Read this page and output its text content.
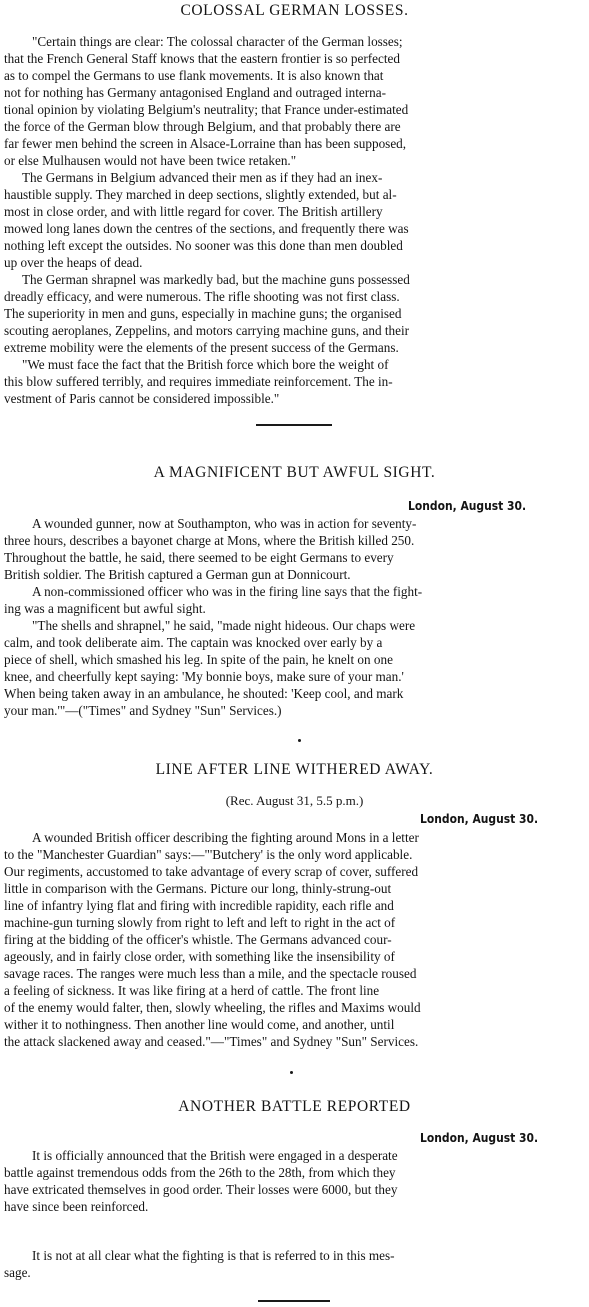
COLOSSAL GERMAN LOSSES.
"Certain things are clear: The colossal character of the German losses;
that the French General Staff knows that the eastern frontier is so perfected
as to compel the Germans to use flank movements. It is also known that
not for nothing has Germany antagonised England and outraged interna-
tional opinion by violating Belgium's neutrality; that France under-estimated
the force of the German blow through Belgium, and that probably there are
far fewer men behind the screen in Alsace-Lorraine than has been supposed,
or else Mulhausen would not have been twice retaken."
The Germans in Belgium advanced their men as if they had an inex-
haustible supply. They marched in deep sections, slightly extended, but al-
most in close order, and with little regard for cover. The British artillery
mowed long lanes down the centres of the sections, and frequently there was
nothing left except the outsides. No sooner was this done than men doubled
up over the heaps of dead.
The German shrapnel was markedly bad, but the machine guns possessed
dreadly efficacy, and were numerous. The rifle shooting was not first class.
The superiority in men and guns, especially in machine guns; the organised
scouting aeroplanes, Zeppelins, and motors carrying machine guns, and their
extreme mobility were the elements of the present success of the Germans.
"We must face the fact that the British force which bore the weight of
this blow suffered terribly, and requires immediate reinforcement. The in-
vestment of Paris cannot be considered impossible."
A MAGNIFICENT BUT AWFUL SIGHT.
London, August 30.
A wounded gunner, now at Southampton, who was in action for seventy-
three hours, describes a bayonet charge at Mons, where the British killed 250.
Throughout the battle, he said, there seemed to be eight Germans to every
British soldier. The British captured a German gun at Donnicourt.
A non-commissioned officer who was in the firing line says that the fight-
ing was a magnificent but awful sight.
"The shells and shrapnel," he said, "made night hideous. Our chaps were
calm, and took deliberate aim. The captain was knocked over early by a
piece of shell, which smashed his leg. In spite of the pain, he knelt on one
knee, and cheerfully kept saying: 'My bonnie boys, make sure of your man.'
When being taken away in an ambulance, he shouted: 'Keep cool, and mark
your man.'"—("Times" and Sydney "Sun" Services.)
LINE AFTER LINE WITHERED AWAY.
(Rec. August 31, 5.5 p.m.)
London, August 30.
A wounded British officer describing the fighting around Mons in a letter
to the "Manchester Guardian" says:—"'Butchery' is the only word applicable.
Our regiments, accustomed to take advantage of every scrap of cover, suffered
little in comparison with the Germans. Picture our long, thinly-strung-out
line of infantry lying flat and firing with incredible rapidity, each rifle and
machine-gun turning slowly from right to left and left to right in the act of
firing at the bidding of the officer's whistle. The Germans advanced cour-
ageously, and in fairly close order, with something like the insensibility of
savage races. The ranges were much less than a mile, and the spectacle roused
a feeling of sickness. It was like firing at a herd of cattle. The front line
of the enemy would falter, then, slowly wheeling, the rifles and Maxims would
wither it to nothingness. Then another line would come, and another, until
the attack slackened away and ceased."—"Times" and Sydney "Sun" Services.
ANOTHER BATTLE REPORTED
London, August 30.
It is officially announced that the British were engaged in a desperate
battle against tremendous odds from the 26th to the 28th, from which they
have extricated themselves in good order. Their losses were 6000, but they
have since been reinforced.
It is not at all clear what the fighting is that is referred to in this mes-
sage.
